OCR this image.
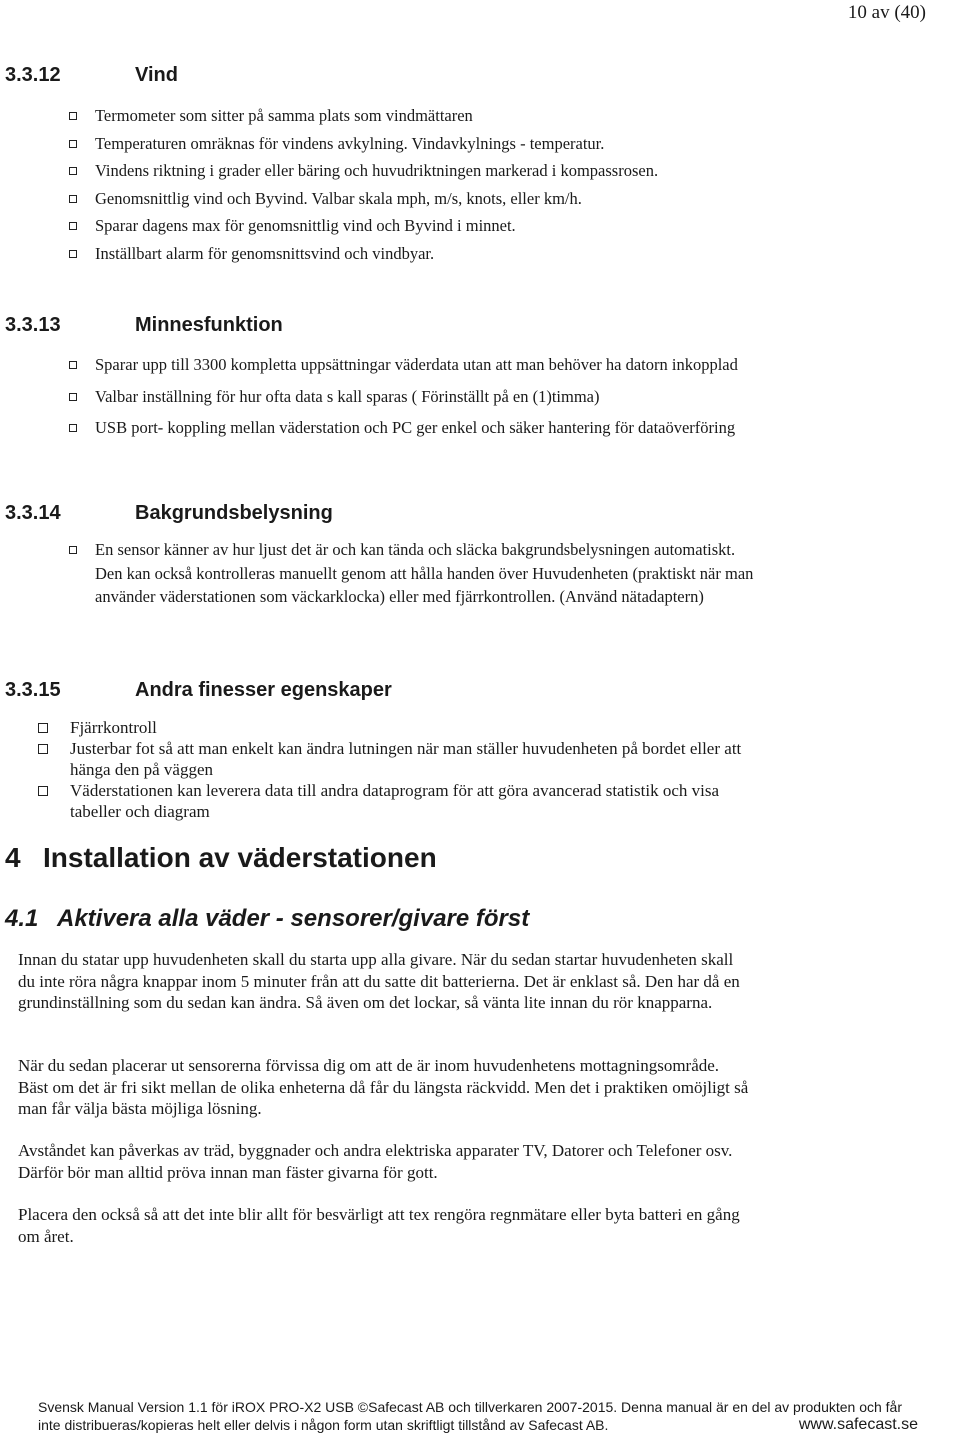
10 av (40)
3.3.12	Vind
Termometer som sitter på samma plats som vindmättaren
Temperaturen omräknas för vindens avkylning. Vindavkylnings - temperatur.
Vindens riktning i grader eller bäring och huvudriktningen markerad i kompassrosen.
Genomsnittlig vind och Byvind. Valbar skala mph, m/s, knots, eller km/h.
Sparar dagens max för genomsnittlig vind och Byvind i minnet.
Inställbart alarm för genomsnittsvind och vindbyar.
3.3.13	Minnesfunktion
Sparar upp till 3300 kompletta uppsättningar väderdata utan att man behöver ha datorn inkopplad
Valbar inställning för hur ofta data s kall sparas ( Förinställt på en (1)timma)
USB port- koppling mellan väderstation och PC ger enkel och säker hantering för dataöverföring
3.3.14	Bakgrundsbelysning
En sensor känner av hur ljust det är och kan tända och släcka bakgrundsbelysningen automatiskt. Den kan också kontrolleras manuellt genom att hålla handen över Huvudenheten (praktiskt när man använder väderstationen som väckarklocka) eller med fjärrkontrollen. (Använd nätadaptern)
3.3.15	Andra finesser egenskaper
Fjärrkontroll
Justerbar fot så att man enkelt kan ändra lutningen när man ställer huvudenheten på bordet eller att hänga den på väggen
Väderstationen kan leverera data till andra dataprogram för att göra avancerad statistik och visa tabeller och diagram
4 Installation av väderstationen
4.1 Aktivera alla väder - sensorer/givare först

Innan du statar upp huvudenheten skall du starta upp alla givare. När du sedan startar huvudenheten skall du inte röra några knappar inom 5 minuter från att du satte dit batterierna. Det är enklast så. Den har då en grundinställning som du sedan kan ändra. Så även om det lockar, så vänta lite innan du rör knapparna.

När du sedan placerar ut sensorerna förvissa dig om att de är inom huvudenhetens mottagningsområde. Bäst om det är fri sikt mellan de olika enheterna då får du längsta räckvidd. Men det i praktiken omöjligt så man får välja bästa möjliga lösning.

Avståndet kan påverkas av träd, byggnader och andra elektriska apparater TV, Datorer och Telefoner osv. Därför bör man alltid pröva innan man fäster givarna för gott.

Placera den också så att det inte blir allt för besvärligt att tex rengöra regnmätare eller byta batteri en gång om året.

Svensk Manual Version 1.1 för iROX PRO-X2 USB ©Safecast AB och tillverkaren 2007-2015. Denna manual är en del av produkten och får
inte distribueras/kopieras helt eller delvis i någon form utan skriftligt tillstånd av Safecast AB.	www.safecast.se
